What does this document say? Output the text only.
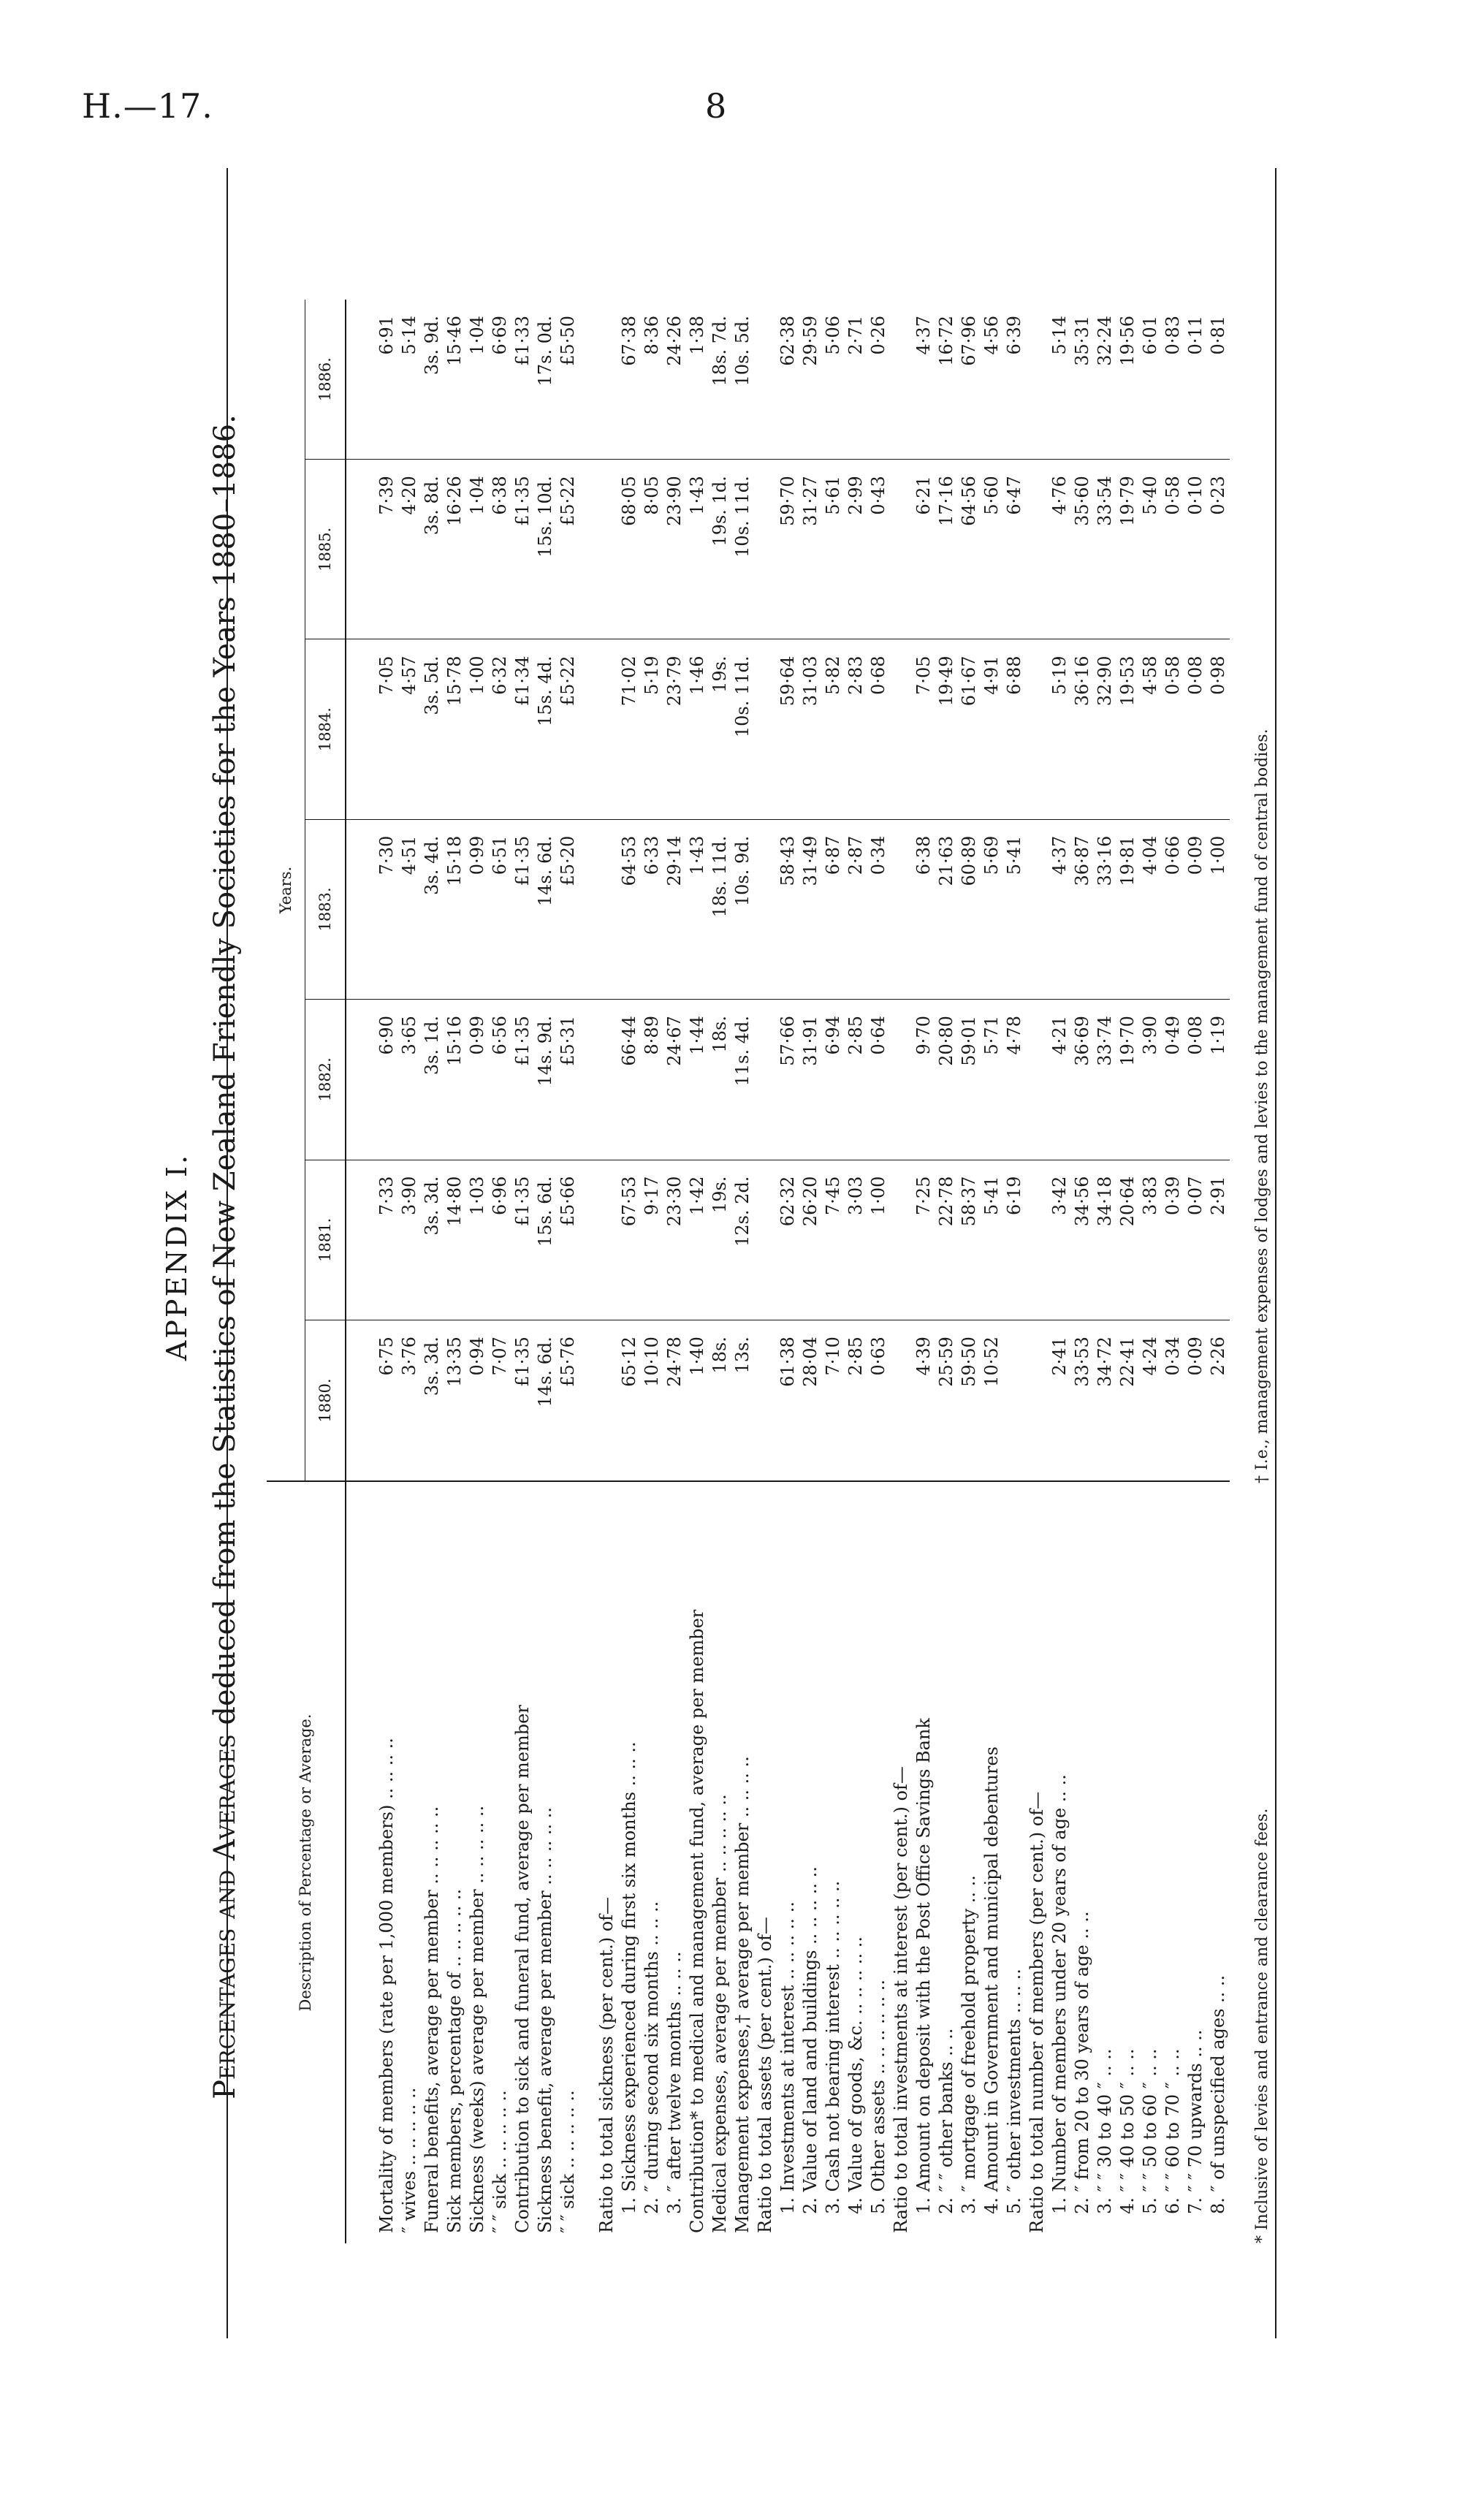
H.—17.	8
APPENDIX I.
Percentages and Averages deduced from the Statistics of New Zealand Friendly Societies for the Years 1880–1886.
Description of Percentage or Average.	Years.						
	1880.	1881.	1882.	1883.	1884.	1885.	1886.

Mortality of members (rate per 1,000 members) .. .. .. ..	6·75	7·33	6·90	7·30	7·05	7·39	6·91
″ wives .. .. .. .. ..	3·76	3·90	3·65	4·51	4·57	4·20	5·14
Funeral benefits, average per member .. .. .. .. ..	3s. 3d.	3s. 3d.	3s. 1d.	3s. 4d.	3s. 5d.	3s. 8d.	3s. 9d.
Sick members, percentage of .. .. .. .. ..	13·35	14·80	15·16	15·18	15·78	16·26	15·46
Sickness (weeks) average per member .. .. .. .. ..	0·94	1·03	0·99	0·99	1·00	1·04	1·04
″ ″ sick .. .. .. .. ..	7·07	6·96	6·56	6·51	6·32	6·38	6·69
Contribution to sick and funeral fund, average per member	£1·35	£1·35	£1·35	£1·35	£1·34	£1·35	£1·33
Sickness benefit, average per member .. .. .. .. ..	14s. 6d.	15s. 6d.	14s. 9d.	14s. 6d.	15s. 4d.	15s. 10d.	17s. 0d.
″ ″ sick .. .. .. .. ..	£5·76	£5·66	£5·31	£5·20	£5·22	£5·22	£5·50

Ratio to total sickness (per cent.) of—							
1. Sickness experienced during first six months .. .. ..	65·12	67·53	66·44	64·53	71·02	68·05	67·38
2. ″ during second six months .. .. ..	10·10	9·17	8·89	6·33	5·19	8·05	8·36
3. ″ after twelve months .. .. ..	24·78	23·30	24·67	29·14	23·79	23·90	24·26
Contribution* to medical and management fund, average per member	1·40	1·42	1·44	1·43	1·46	1·43	1·38
Medical expenses, average per member .. .. .. .. ..	18s.	19s.	18s.	18s. 11d.	19s.	19s. 1d.	18s. 7d.
Management expenses,† average per member .. .. .. ..	13s.	12s. 2d.	11s. 4d.	10s. 9d.	10s. 11d.	10s. 11d.	10s. 5d.
Ratio to total assets (per cent.) of—							
1. Investments at interest .. .. .. .. ..	61·38	62·32	57·66	58·43	59·64	59·70	62·38
2. Value of land and buildings .. .. .. .. ..	28·04	26·20	31·91	31·49	31·03	31·27	29·59
3. Cash not bearing interest .. .. .. .. ..	7·10	7·45	6·94	6·87	5·82	5·61	5·06
4. Value of goods, &c. .. .. .. .. ..	2·85	3·03	2·85	2·87	2·83	2·99	2·71
5. Other assets .. .. .. .. .. ..	0·63	1·00	0·64	0·34	0·68	0·43	0·26
Ratio to total investments at interest (per cent.) of—							
1. Amount on deposit with the Post Office Savings Bank	4·39	7·25	9·70	6·38	7·05	6·21	4·37
2. ″ ″ other banks .. ..	25·59	22·78	20·80	21·63	19·49	17·16	16·72
3. ″ mortgage of freehold property .. ..	59·50	58·37	59·01	60·89	61·67	64·56	67·96
4. Amount in Government and municipal debentures	10·52	5·41	5·71	5·69	4·91	5·60	4·56
5. ″ other investments .. .. ..		6·19	4·78	5·41	6·88	6·47	6·39
Ratio to total number of members (per cent.) of—							
1. Number of members under 20 years of age .. ..	2·41	3·42	4·21	4·37	5·19	4·76	5·14
2. ″ from 20 to 30 years of age .. ..	33·53	34·56	36·69	36·87	36·16	35·60	35·31
3. ″ ″ 30 to 40 ″ .. ..	34·72	34·18	33·74	33·16	32·90	33·54	32·24
4. ″ ″ 40 to 50 ″ .. ..	22·41	20·64	19·70	19·81	19·53	19·79	19·56
5. ″ ″ 50 to 60 ″ .. ..	4·24	3·83	3·90	4·04	4·58	5·40	6·01
6. ″ ″ 60 to 70 ″ .. ..	0·34	0·39	0·49	0·66	0·58	0·58	0·83
7. ″ ″ 70 upwards .. ..	0·09	0·07	0·08	0·09	0·08	0·10	0·11
8. ″ of unspecified ages .. ..	2·26	2·91	1·19	1·00	0·98	0·23	0·81
* Inclusive of levies and entrance and clearance fees.
† I.e., management expenses of lodges and levies to the management fund of central bodies.
